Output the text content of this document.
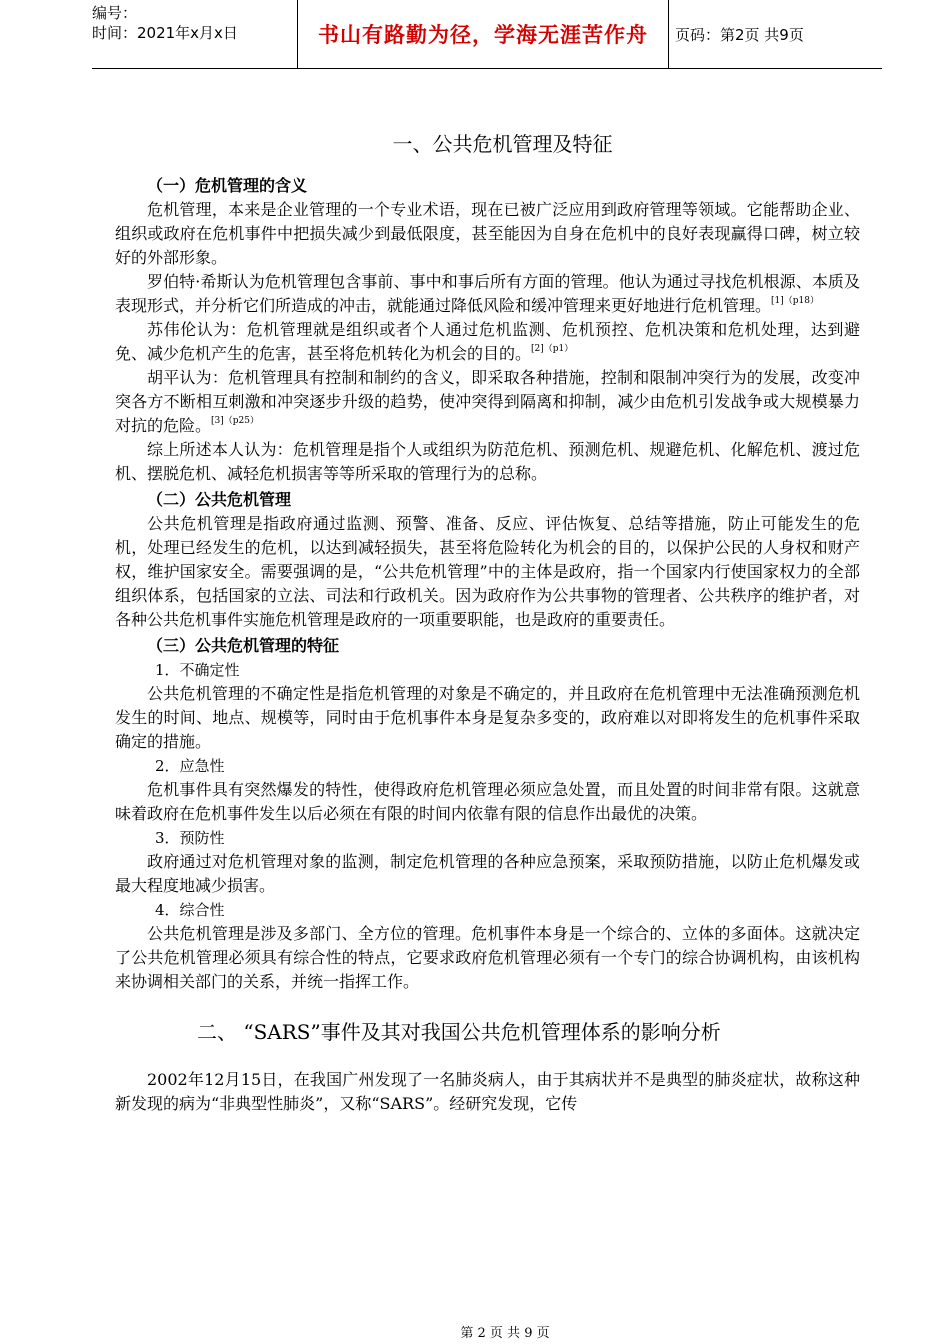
编号：
时间：2021年x月x日	书山有路勤为径，学海无涯苦作舟 页码：第2页 共9页
一、公共危机管理及特征
（一）危机管理的含义

危机管理，本来是企业管理的一个专业术语，现在已被广泛应用到政府管理等领域。它能帮助企业、组织或政府在危机事件中把损失减少到最低限度，甚至能因为自身在危机中的良好表现赢得口碑，树立较好的外部形象。

罗伯特·希斯认为危机管理包含事前、事中和事后所有方面的管理。他认为通过寻找危机根源、本质及表现形式，并分析它们所造成的冲击，就能通过降低风险和缓冲管理来更好地进行危机管理。$^{[1](p18)}$

苏伟伦认为：危机管理就是组织或者个人通过危机监测、危机预控、危机决策和危机处理，达到避免、减少危机产生的危害，甚至将危机转化为机会的目的。$^{[2](p1)}$

胡平认为：危机管理具有控制和制约的含义，即采取各种措施，控制和限制冲突行为的发展，改变冲突各方不断相互刺激和冲突逐步升级的趋势，使冲突得到隔离和抑制，减少由危机引发战争或大规模暴力对抗的危险。$^{[3](p25)}$

综上所述本人认为：危机管理是指个人或组织为防范危机、预测危机、规避危机、化解危机、渡过危机、摆脱危机、减轻危机损害等等所采取的管理行为的总称。

（二）公共危机管理

公共危机管理是指政府通过监测、预警、准备、反应、评估恢复、总结等措施，防止可能发生的危机，处理已经发生的危机，以达到减轻损失，甚至将危险转化为机会的目的，以保护公民的人身权和财产权，维护国家安全。需要强调的是，“公共危机管理”中的主体是政府，指一个国家内行使国家权力的全部组织体系，包括国家的立法、司法和行政机关。因为政府作为公共事物的管理者、公共秩序的维护者，对各种公共危机事件实施危机管理是政府的一项重要职能，也是政府的重要责任。

（三）公共危机管理的特征
1．不确定性

公共危机管理的不确定性是指危机管理的对象是不确定的，并且政府在危机管理中无法准确预测危机发生的时间、地点、规模等，同时由于危机事件本身是复杂多变的，政府难以对即将发生的危机事件采取确定的措施。

2．应急性

危机事件具有突然爆发的特性，使得政府危机管理必须应急处置，而且处置的时间非常有限。这就意味着政府在危机事件发生以后必须在有限的时间内依靠有限的信息作出最优的决策。

3．预防性

政府通过对危机管理对象的监测，制定危机管理的各种应急预案，采取预防措施，以防止危机爆发或最大程度地减少损害。

4．综合性

公共危机管理是涉及多部门、全方位的管理。危机事件本身是一个综合的、立体的多面体。这就决定了公共危机管理必须具有综合性的特点，它要求政府危机管理必须有一个专门的综合协调机构，由该机构来协调相关部门的关系，并统一指挥工作。

二、 “SARS”事件及其对我国公共危机管理体系的影响分析

2002年12月15日，在我国广州发现了一名肺炎病人，由于其病状并不是典型的肺炎症状，故称这种新发现的病为“非典型性肺炎”，又称“SARS”。经研究发现，它传

第 2 页 共 9 页
